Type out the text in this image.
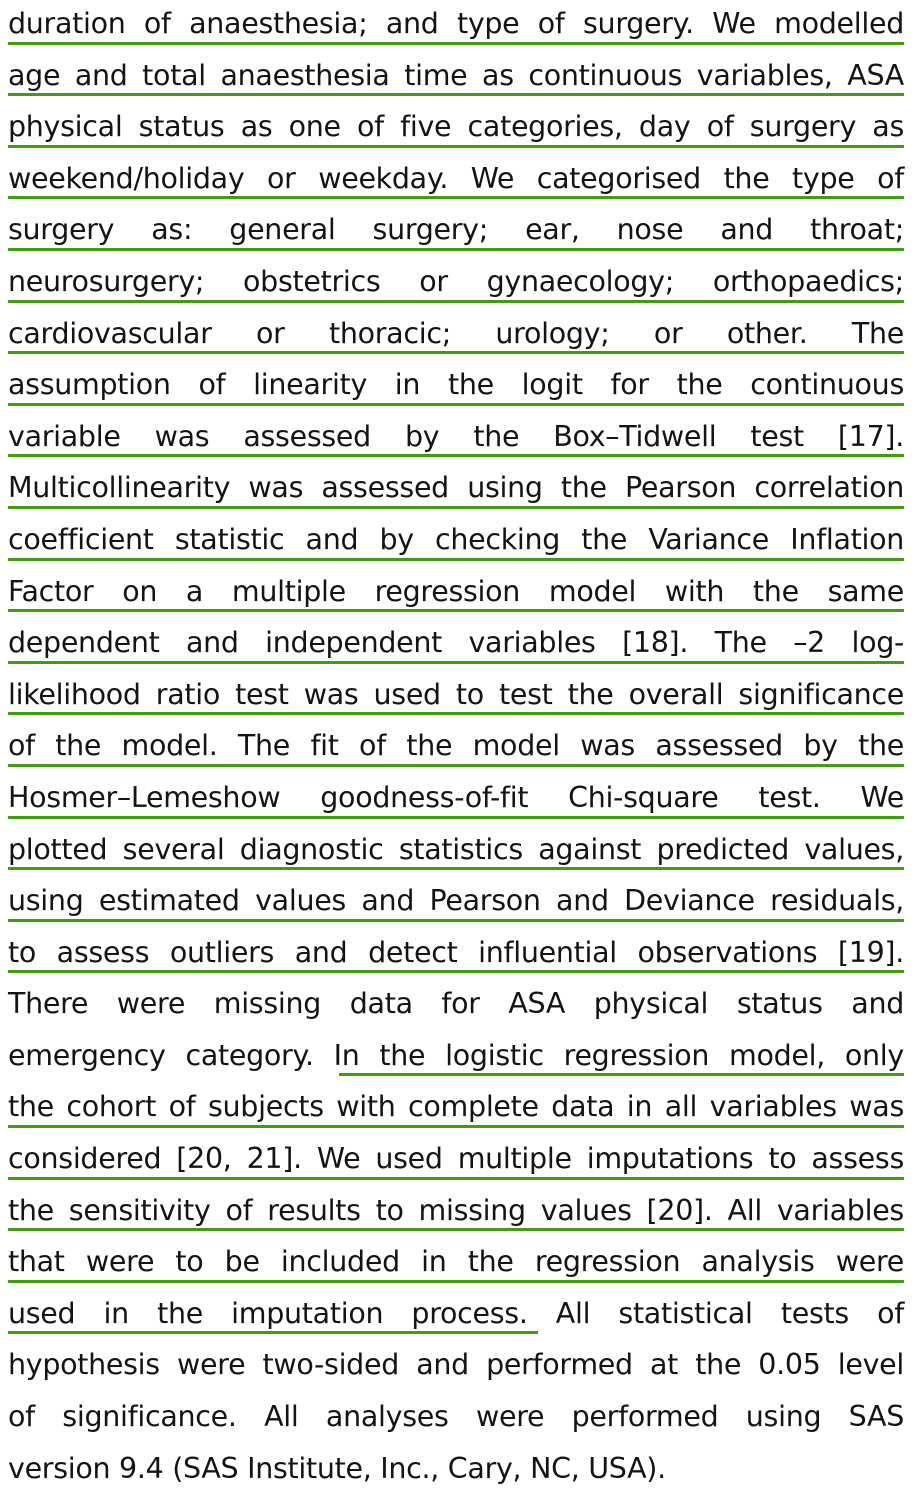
duration of anaesthesia; and type of surgery. We modelled
age and total anaesthesia time as continuous variables, ASA
physical status as one of five categories, day of surgery as
weekend/holiday or weekday. We categorised the type of
surgery as: general surgery; ear, nose and throat;
neurosurgery; obstetrics or gynaecology; orthopaedics;
cardiovascular or thoracic; urology; or other. The
assumption of linearity in the logit for the continuous
variable was assessed by the Box–Tidwell test [17].
Multicollinearity was assessed using the Pearson correlation
coefficient statistic and by checking the Variance Inflation
Factor on a multiple regression model with the same
dependent and independent variables [18]. The –2 log-
likelihood ratio test was used to test the overall significance
of the model. The fit of the model was assessed by the
Hosmer–Lemeshow goodness-of-fit Chi-square test. We
plotted several diagnostic statistics against predicted values,
using estimated values and Pearson and Deviance residuals,
to assess outliers and detect influential observations [19].
There were missing data for ASA physical status and
emergency category. In the logistic regression model, only
the cohort of subjects with complete data in all variables was
considered [20, 21]. We used multiple imputations to assess
the sensitivity of results to missing values [20]. All variables
that were to be included in the regression analysis were
used in the imputation process. All statistical tests of
hypothesis were two-sided and performed at the 0.05 level
of significance. All analyses were performed using SAS
version 9.4 (SAS Institute, Inc., Cary, NC, USA).
